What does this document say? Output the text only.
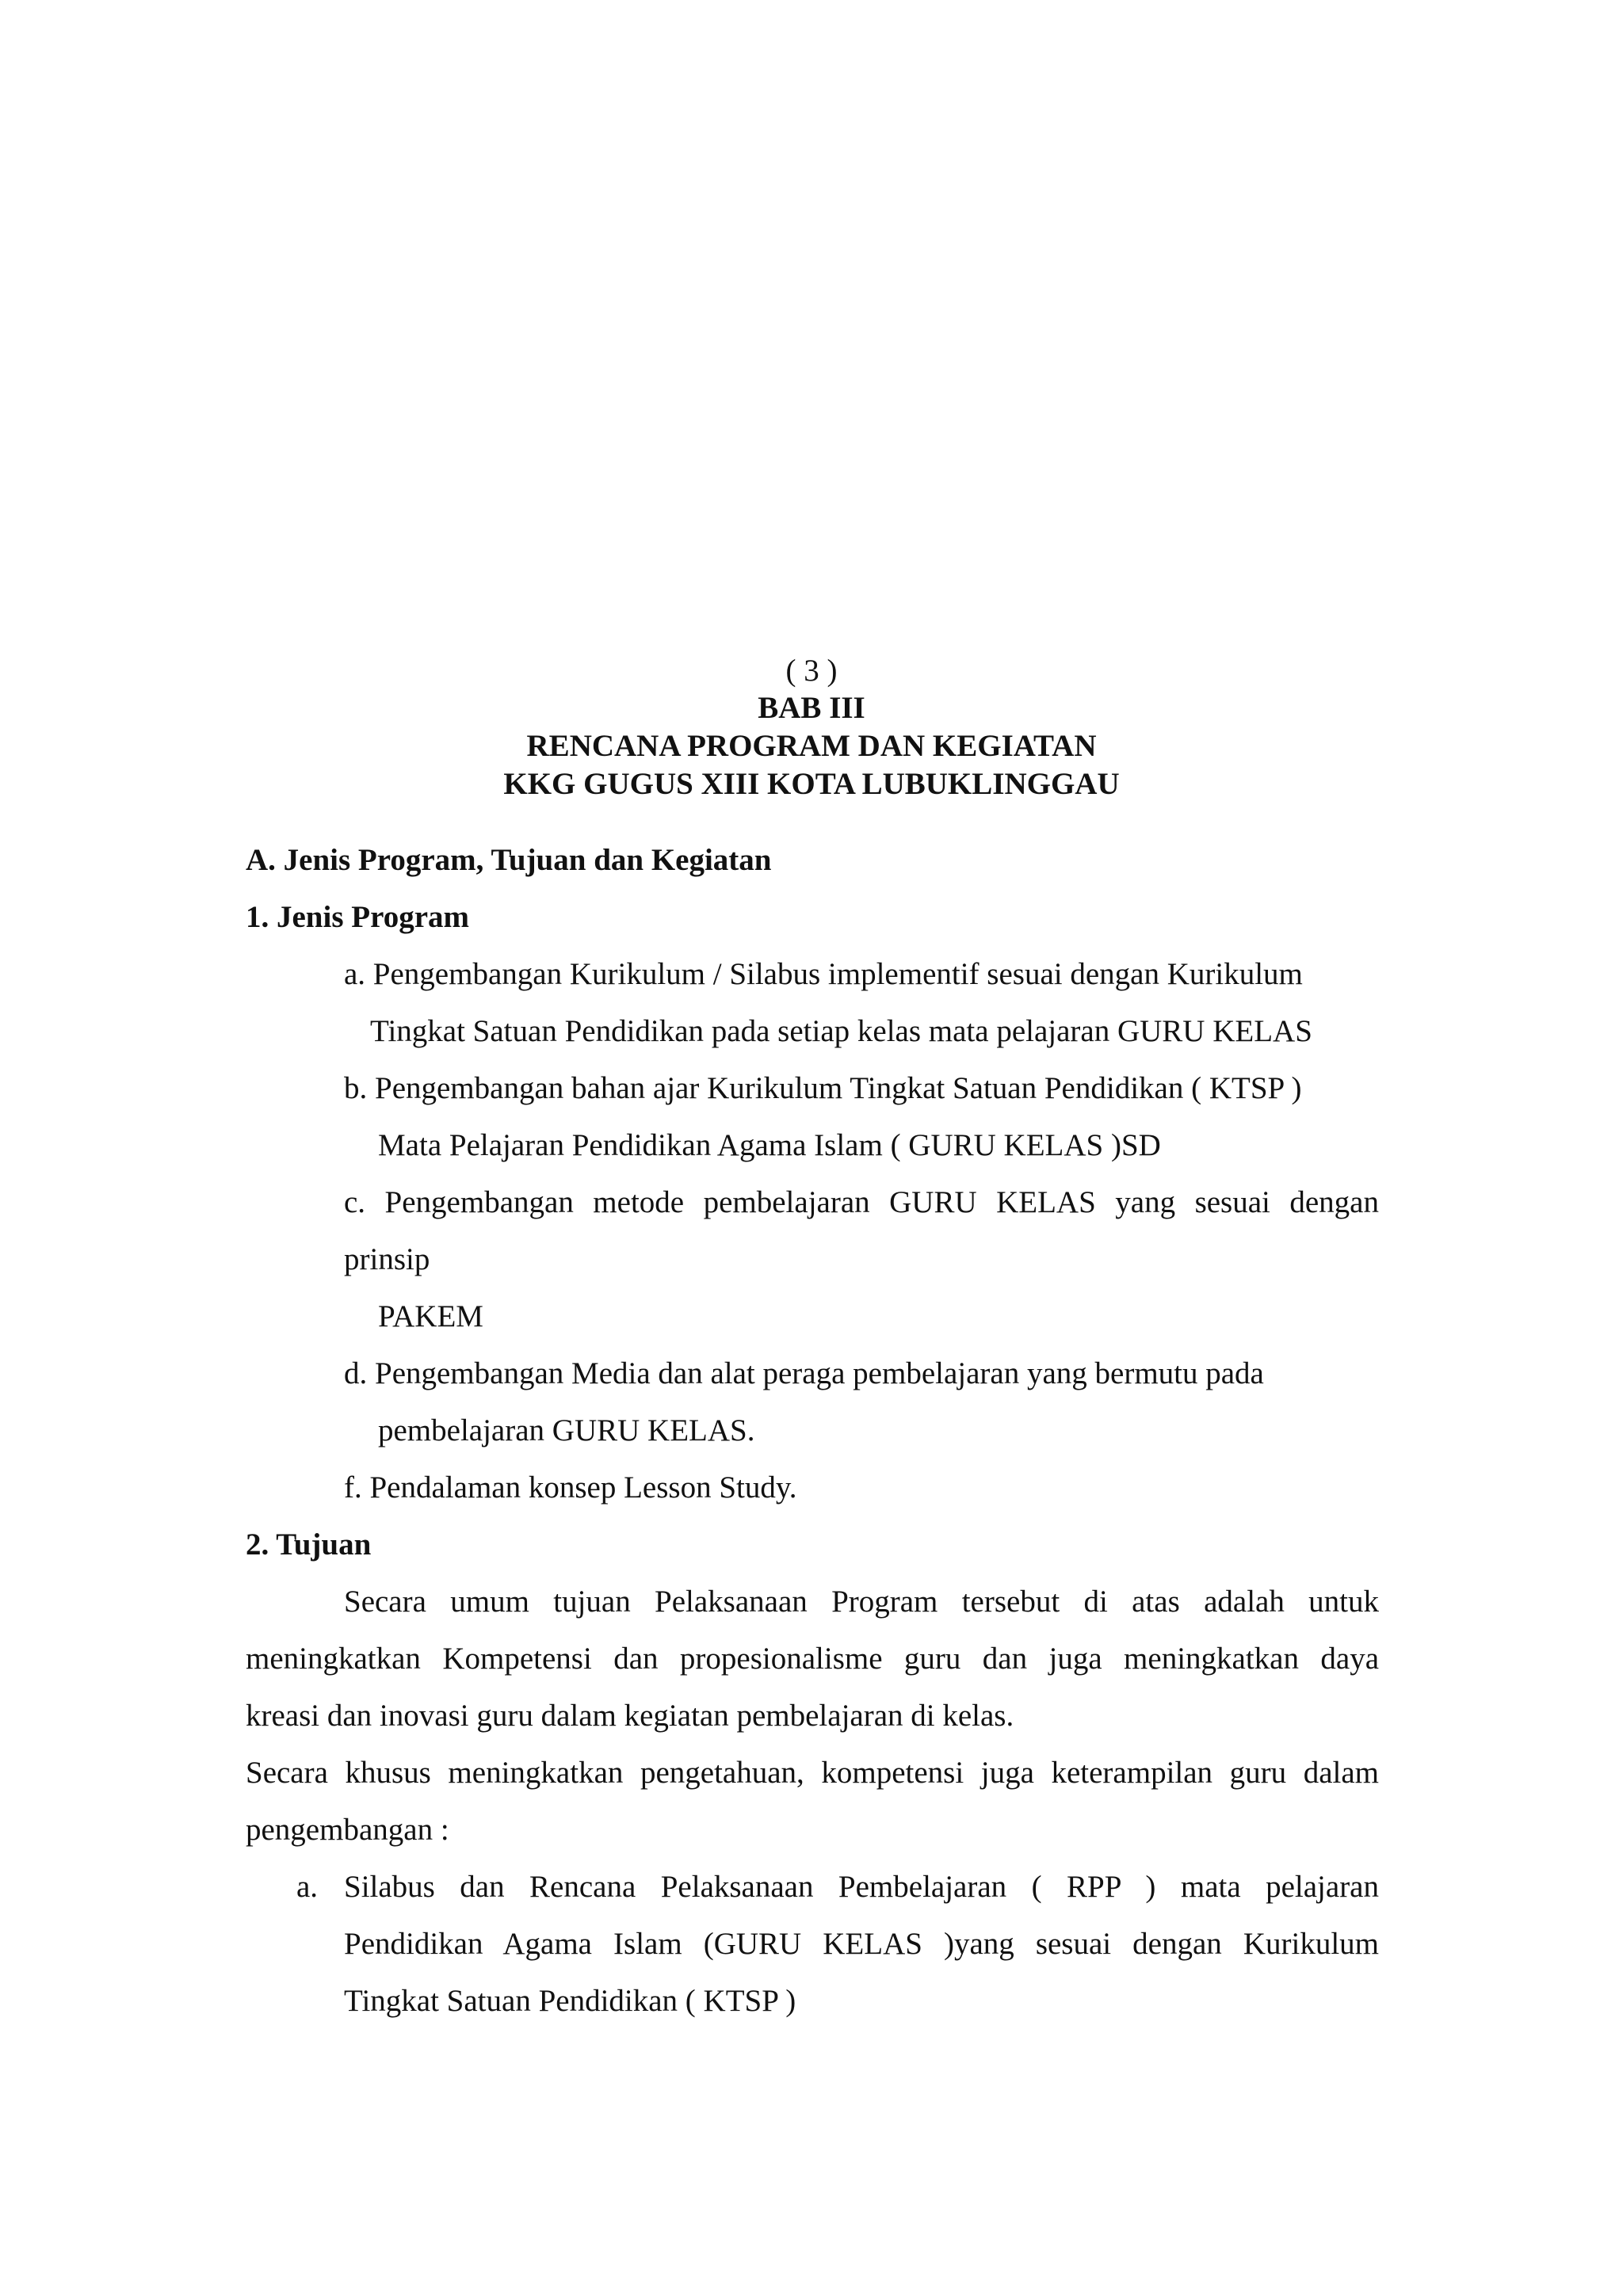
( 3 )
BAB III
RENCANA PROGRAM DAN KEGIATAN
KKG GUGUS XIII KOTA LUBUKLINGGAU
A. Jenis Program, Tujuan dan Kegiatan
1. Jenis Program
a. Pengembangan Kurikulum / Silabus implementif sesuai dengan Kurikulum
Tingkat Satuan Pendidikan pada setiap kelas mata pelajaran GURU KELAS
b. Pengembangan bahan ajar Kurikulum Tingkat Satuan Pendidikan ( KTSP )
Mata Pelajaran Pendidikan Agama Islam ( GURU KELAS )SD
c. Pengembangan metode pembelajaran GURU KELAS yang sesuai dengan
prinsip
PAKEM
d. Pengembangan Media dan alat peraga pembelajaran yang bermutu pada
pembelajaran GURU KELAS.
f. Pendalaman konsep Lesson Study.
2. Tujuan
Secara umum tujuan Pelaksanaan Program tersebut di atas adalah untuk
meningkatkan Kompetensi dan propesionalisme guru dan juga meningkatkan daya
kreasi dan inovasi guru dalam kegiatan pembelajaran di kelas.
Secara khusus meningkatkan pengetahuan, kompetensi juga keterampilan guru dalam
pengembangan :
a. Silabus dan Rencana Pelaksanaan Pembelajaran ( RPP ) mata pelajaran
Pendidikan Agama Islam (GURU KELAS )yang sesuai dengan Kurikulum
Tingkat Satuan Pendidikan ( KTSP )
